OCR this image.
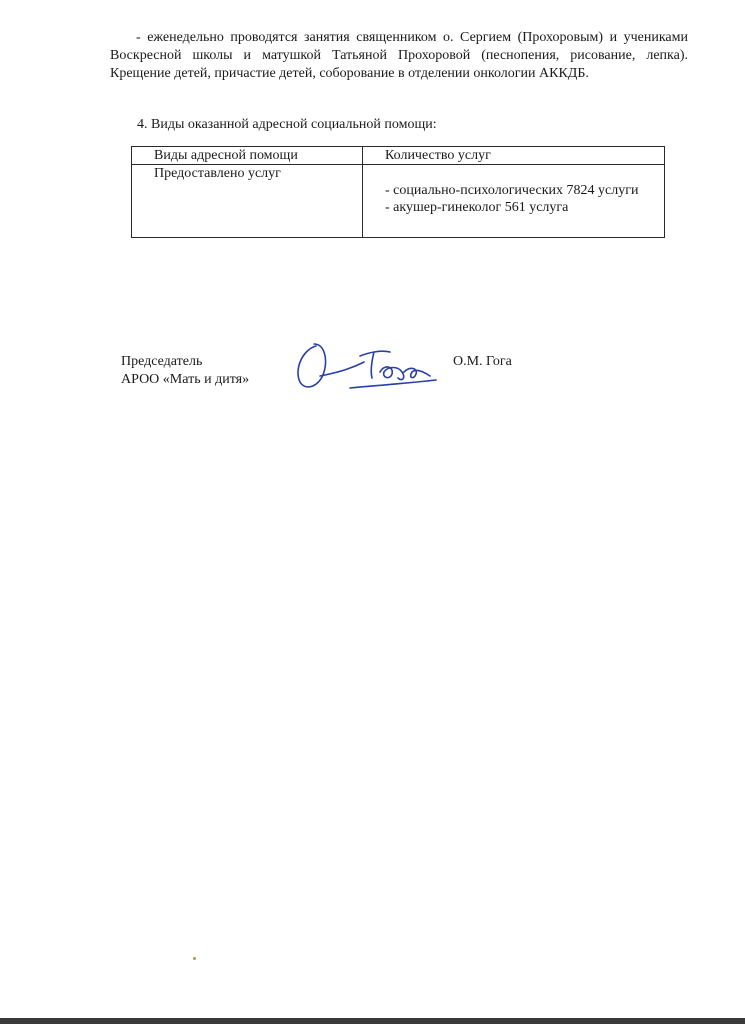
- еженедельно проводятся занятия священником о. Сергием (Прохоровым) и учениками Воскресной школы и матушкой Татьяной Прохоровой (песнопения, рисование, лепка). Крещение детей, причастие детей, соборование в отделении онкологии АККДБ.

4. Виды оказанной адресной социальной помощи:
Виды адресной помощи	Количество услуг
Предоставлено услуг	- социально-психологических 7824 услуги
- акушер-гинеколог 561 услуга
Председатель
АРОО «Мать и дитя»
О.М. Гога
